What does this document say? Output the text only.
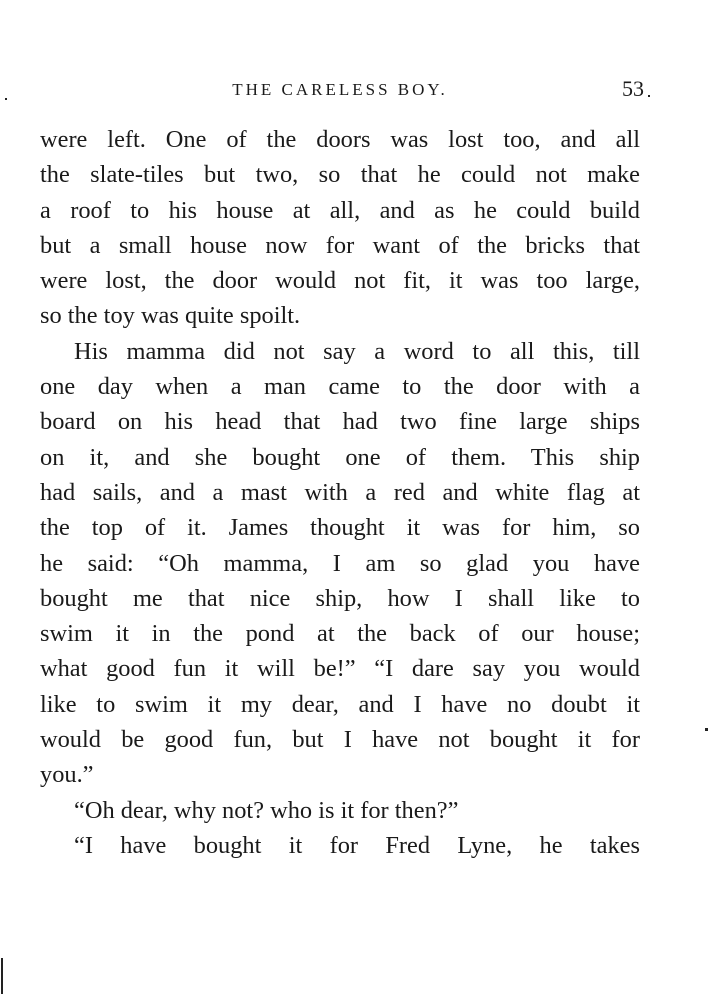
THE CARELESS BOY.	53
were left. One of the doors was lost too, and all
the slate-tiles but two, so that he could not make
a roof to his house at all, and as he could build
but a small house now for want of the bricks that
were lost, the door would not fit, it was too large,
so the toy was quite spoilt.
His mamma did not say a word to all this, till
one day when a man came to the door with a
board on his head that had two fine large ships
on it, and she bought one of them. This ship
had sails, and a mast with a red and white flag at
the top of it. James thought it was for him, so
he said: “Oh mamma, I am so glad you have
bought me that nice ship, how I shall like to
swim it in the pond at the back of our house;
what good fun it will be!” “I dare say you would
like to swim it my dear, and I have no doubt it
would be good fun, but I have not bought it for
you.”
“Oh dear, why not? who is it for then?”
“I have bought it for Fred Lyne, he takes
